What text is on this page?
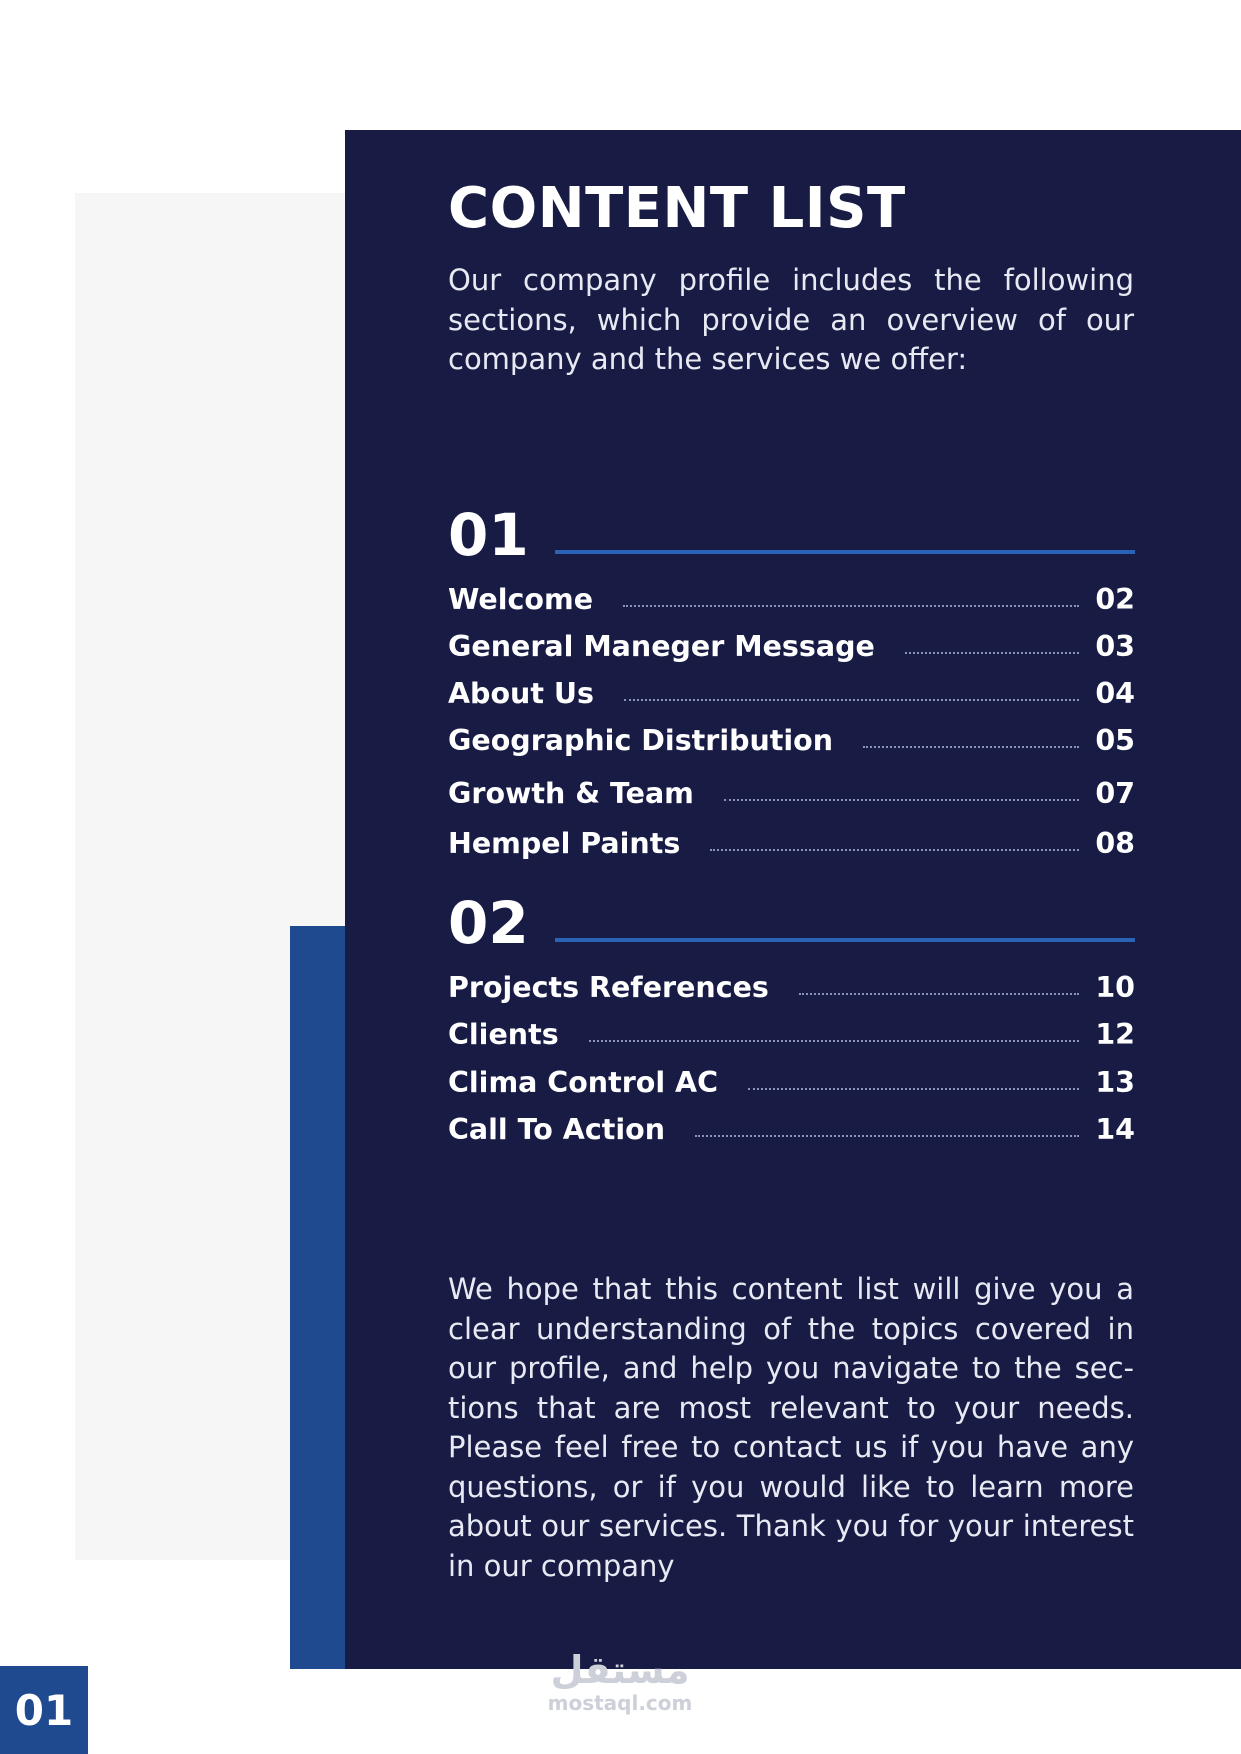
CONTENT LIST

Our company profile includes the following sections, which provide an overview of our company and the services we offer:

01
Welcome	02
General Maneger Message	03
About Us	04
Geographic Distribution	05
Growth & Team	07
Hempel Paints	08
02
Projects References	10
Clients	12
Clima Control AC	13
Call To Action	14

We hope that this content list will give you a clear understanding of the topics covered in our profile, and help you navigate to the sec-tions that are most relevant to your needs. Please feel free to contact us if you have any questions, or if you would like to learn more about our services. Thank you for your interest in our company

01
مستقل
mostaql.com
